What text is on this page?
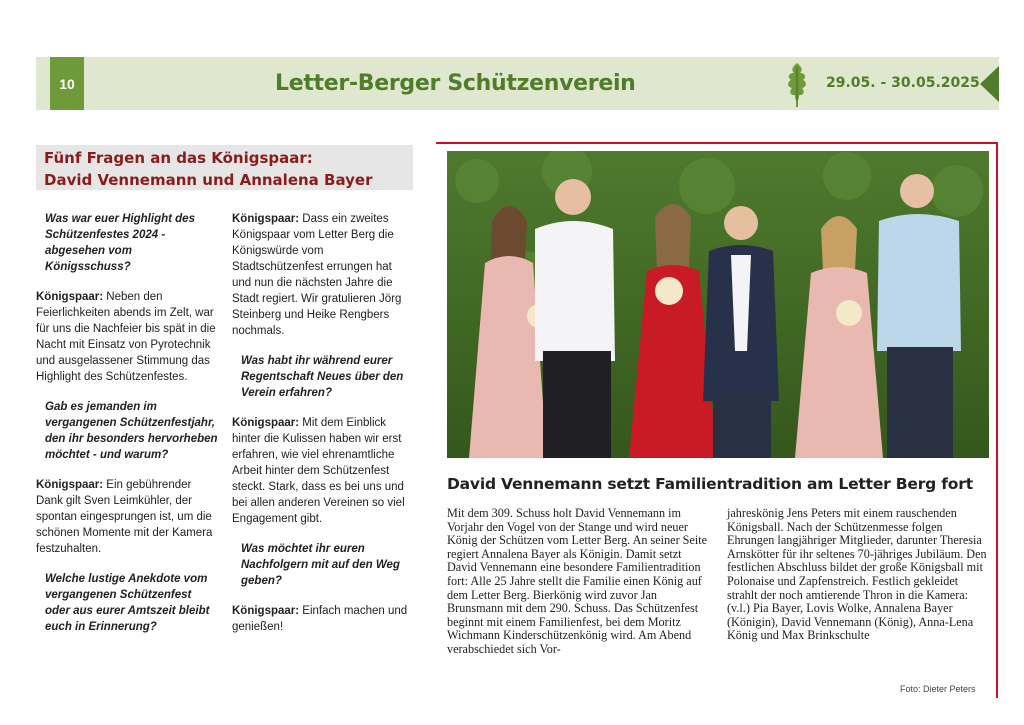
10	Letter-Berger Schützenverein	29.05. - 30.05.2025
Fünf Fragen an das Königspaar:
David Vennemann und Annalena Bayer
Was war euer Highlight des Schützenfestes 2024 - abgesehen vom Königsschuss?

Königspaar: Neben den Feierlichkeiten abends im Zelt, war für uns die Nachfeier bis spät in die Nacht mit Einsatz von Pyrotechnik und ausgelassener Stimmung das Highlight des Schützenfestes.

Gab es jemanden im vergangenen Schützenfestjahr, den ihr besonders hervorheben möchtet - und warum?

Königspaar: Ein gebührender Dank gilt Sven Leimkühler, der spontan eingesprungen ist, um die schönen Momente mit der Kamera festzuhalten.

Welche lustige Anekdote vom vergangenen Schützenfest oder aus eurer Amtszeit bleibt euch in Erinnerung?

Königspaar: Dass ein zweites Königspaar vom Letter Berg die Königswürde vom Stadtschützenfest errungen hat und nun die nächsten Jahre die Stadt regiert. Wir gratulieren Jörg Steinberg und Heike Rengbers nochmals.

Was habt ihr während eurer Regentschaft Neues über den Verein erfahren?

Königspaar: Mit dem Einblick hinter die Kulissen haben wir erst erfahren, wie viel ehrenamtliche Arbeit hinter dem Schützenfest steckt. Stark, dass es bei uns und bei allen anderen Vereinen so viel Engagement gibt.

Was möchtet ihr euren Nachfolgern mit auf den Weg geben?

Königspaar: Einfach machen und genießen!

David Vennemann setzt Familientradition am Letter Berg fort
Mit dem 309. Schuss holt David Vennemann im Vorjahr den Vogel von der Stange und wird neuer König der Schützen vom Letter Berg. An seiner Seite regiert Annalena Bayer als Königin. Damit setzt David Vennemann eine besondere Familientradition fort: Alle 25 Jahre stellt die Familie einen König auf dem Letter Berg. Bierkönig wird zuvor Jan Brunsmann mit dem 290. Schuss. Das Schützenfest beginnt mit einem Familienfest, bei dem Moritz Wichmann Kinderschützenkönig wird. Am Abend verabschiedet sich Vor-
jahreskönig Jens Peters mit einem rauschenden Königsball. Nach der Schützenmesse folgen Ehrungen langjähriger Mitglieder, darunter Theresia Arnskötter für ihr seltenes 70-jähriges Jubiläum. Den festlichen Abschluss bildet der große Königsball mit Polonaise und Zapfenstreich. Festlich gekleidet strahlt der noch amtierende Thron in die Kamera: (v.l.) Pia Bayer, Lovis Wolke, Annalena Bayer (Königin), David Vennemann (König), Anna-Lena König und Max Brinkschulte
Foto: Dieter Peters
